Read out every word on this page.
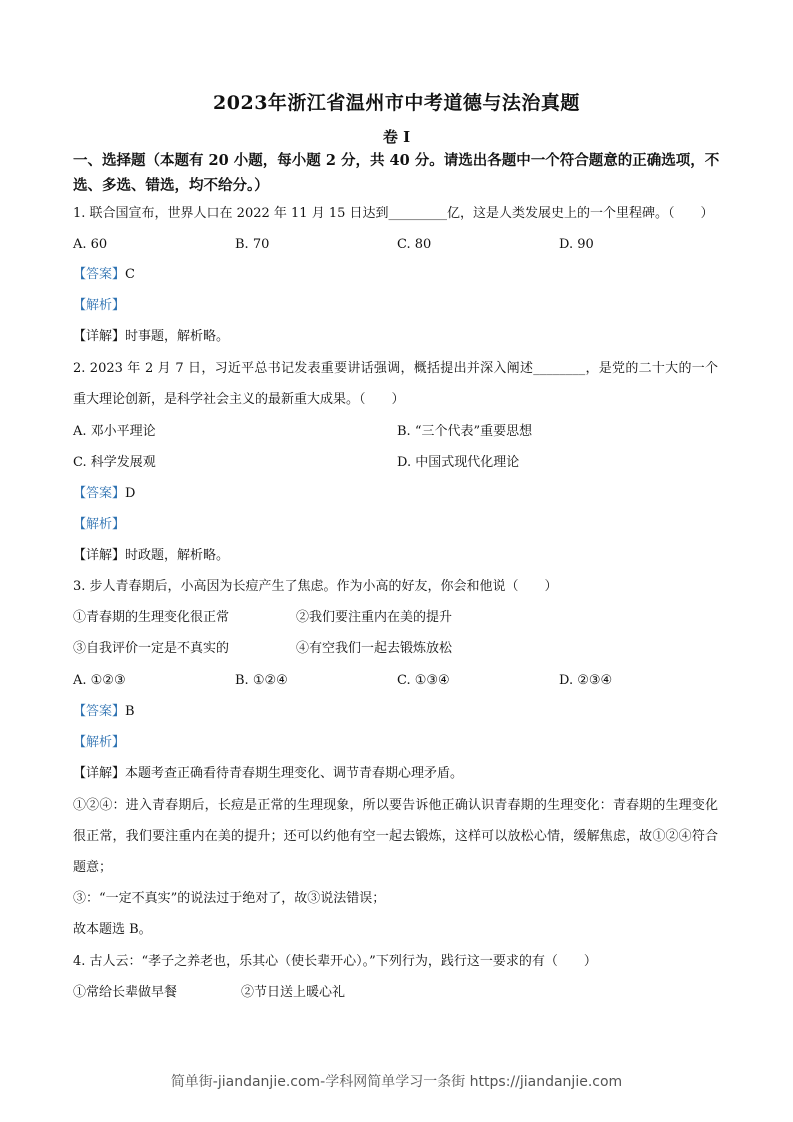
2023年浙江省温州市中考道德与法治真题
卷 I
一、选择题（本题有 20 小题，每小题 2 分，共 40 分。请选出各题中一个符合题意的正确选项，不选、多选、错选，均不给分。）
1. 联合国宣布，世界人口在 2022 年 11 月 15 日达到_________亿，这是人类发展史上的一个里程碑。（　　）
A. 60	B. 70	C. 80	D. 90
【答案】C
【解析】
【详解】时事题，解析略。
2. 2023 年 2 月 7 日，习近平总书记发表重要讲话强调，概括提出并深入阐述________，是党的二十大的一个重大理论创新，是科学社会主义的最新重大成果。（　　）
A. 邓小平理论	B. “三个代表”重要思想
C. 科学发展观	D. 中国式现代化理论
【答案】D
【解析】
【详解】时政题，解析略。
3. 步人青春期后，小高因为长痘产生了焦虑。作为小高的好友，你会和他说（　　）
①青春期的生理变化很正常	②我们要注重内在美的提升
③自我评价一定是不真实的	④有空我们一起去锻炼放松
A. ①②③	B. ①②④	C. ①③④	D. ②③④
【答案】B
【解析】
【详解】本题考查正确看待青春期生理变化、调节青春期心理矛盾。
①②④：进入青春期后，长痘是正常的生理现象，所以要告诉他正确认识青春期的生理变化：青春期的生理变化很正常，我们要注重内在美的提升；还可以约他有空一起去锻炼，这样可以放松心情，缓解焦虑，故①②④符合题意；
③：“一定不真实”的说法过于绝对了，故③说法错误；
故本题选 B。
4. 古人云：“孝子之养老也，乐其心（使长辈开心）。”下列行为，践行这一要求的有（　　）
①常给长辈做早餐	②节日送上暖心礼
简单街-jiandanjie.com-学科网简单学习一条街 https://jiandanjie.com
